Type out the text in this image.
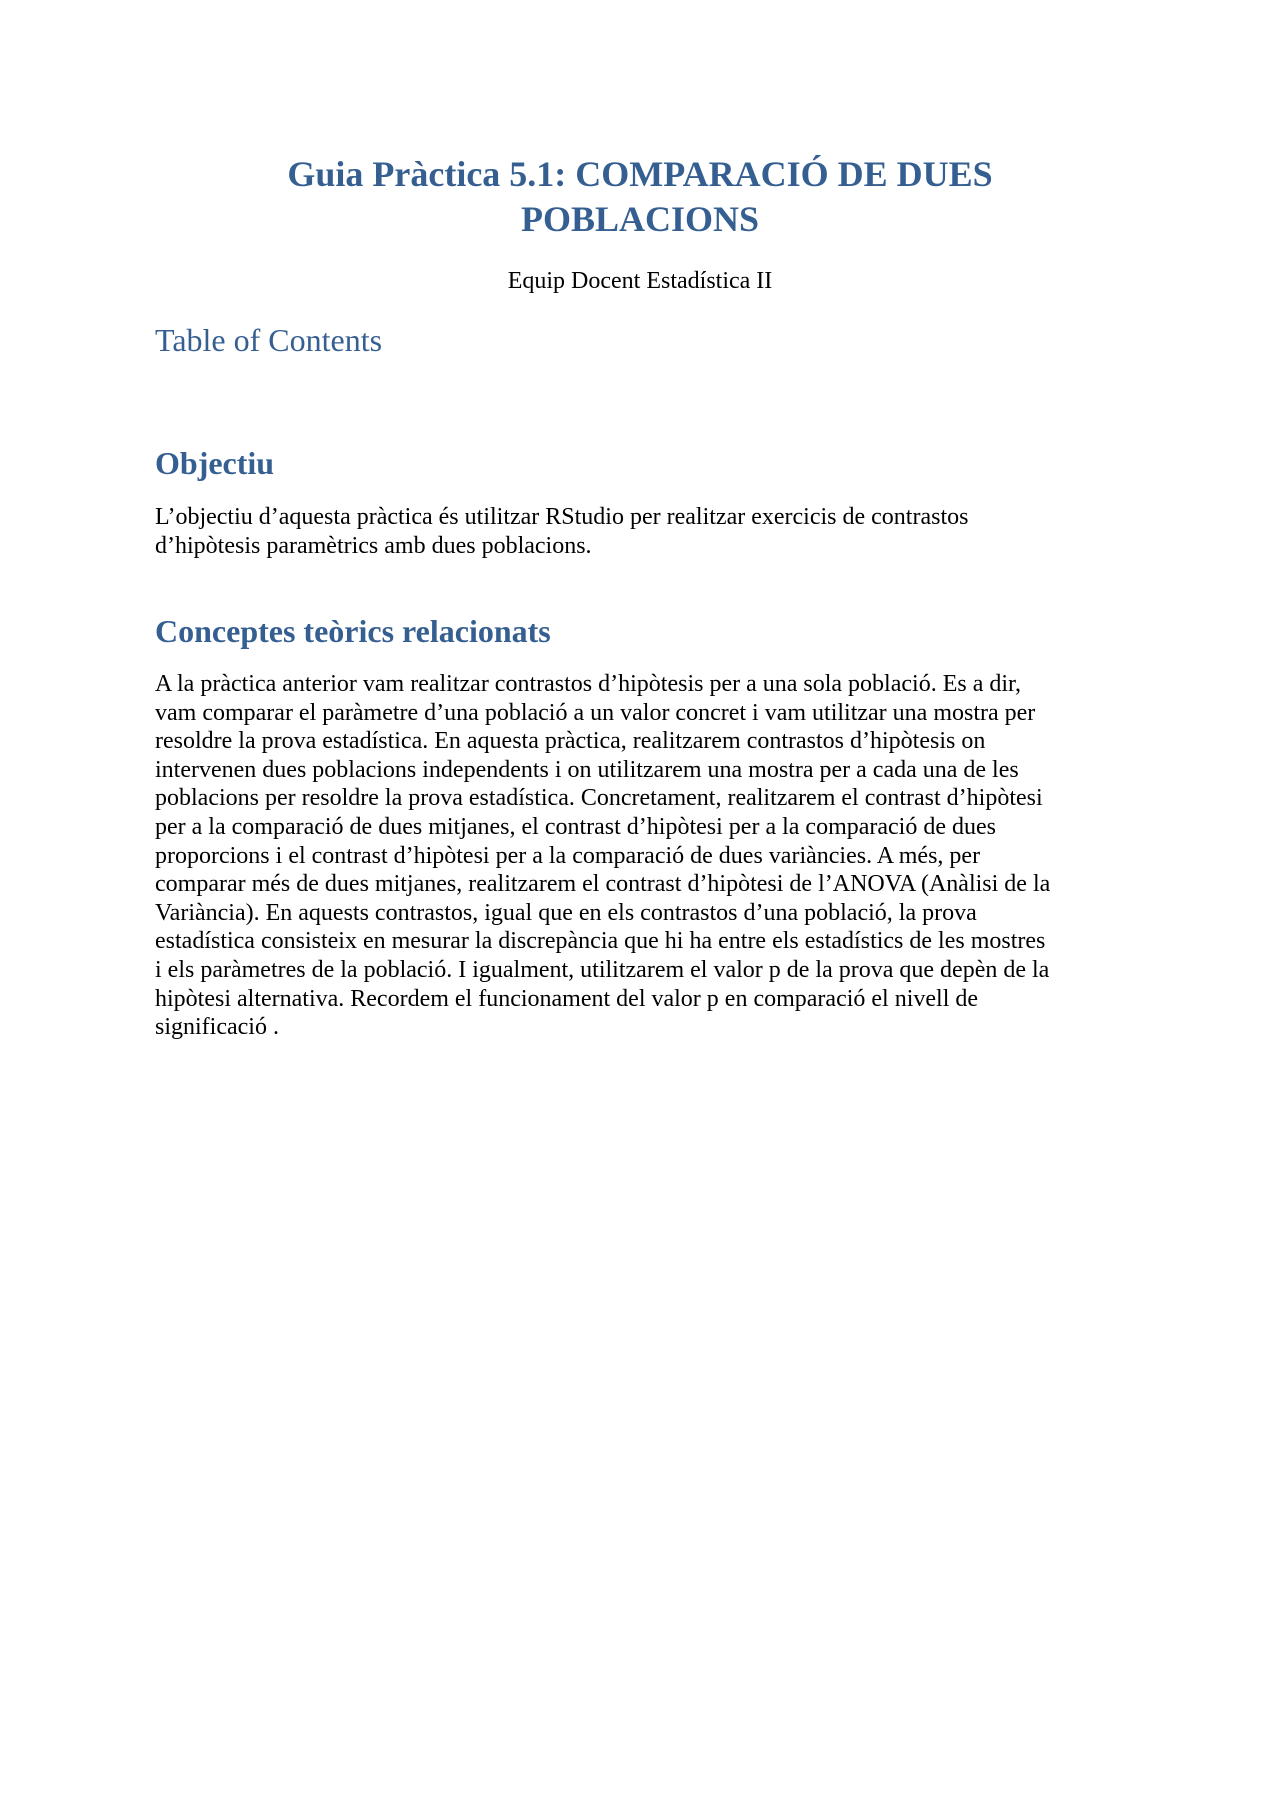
Guia Pràctica 5.1: COMPARACIÓ DE DUES
POBLACIONS

Equip Docent Estadística II

Table of Contents
Objectiu

L’objectiu d’aquesta pràctica és utilitzar RStudio per realitzar exercicis de contrastos
d’hipòtesis paramètrics amb dues poblacions.

Conceptes teòrics relacionats

A la pràctica anterior vam realitzar contrastos d’hipòtesis per a una sola població. Es a dir,
vam comparar el paràmetre d’una població a un valor concret i vam utilitzar una mostra per
resoldre la prova estadística. En aquesta pràctica, realitzarem contrastos d’hipòtesis on
intervenen dues poblacions independents i on utilitzarem una mostra per a cada una de les
poblacions per resoldre la prova estadística. Concretament, realitzarem el contrast d’hipòtesi
per a la comparació de dues mitjanes, el contrast d’hipòtesi per a la comparació de dues
proporcions i el contrast d’hipòtesi per a la comparació de dues variàncies. A més, per
comparar més de dues mitjanes, realitzarem el contrast d’hipòtesi de l’ANOVA (Anàlisi de la
Variància). En aquests contrastos, igual que en els contrastos d’una població, la prova
estadística consisteix en mesurar la discrepància que hi ha entre els estadístics de les mostres
i els paràmetres de la població. I igualment, utilitzarem el valor p de la prova que depèn de la
hipòtesi alternativa. Recordem el funcionament del valor p en comparació el nivell de
significació .
